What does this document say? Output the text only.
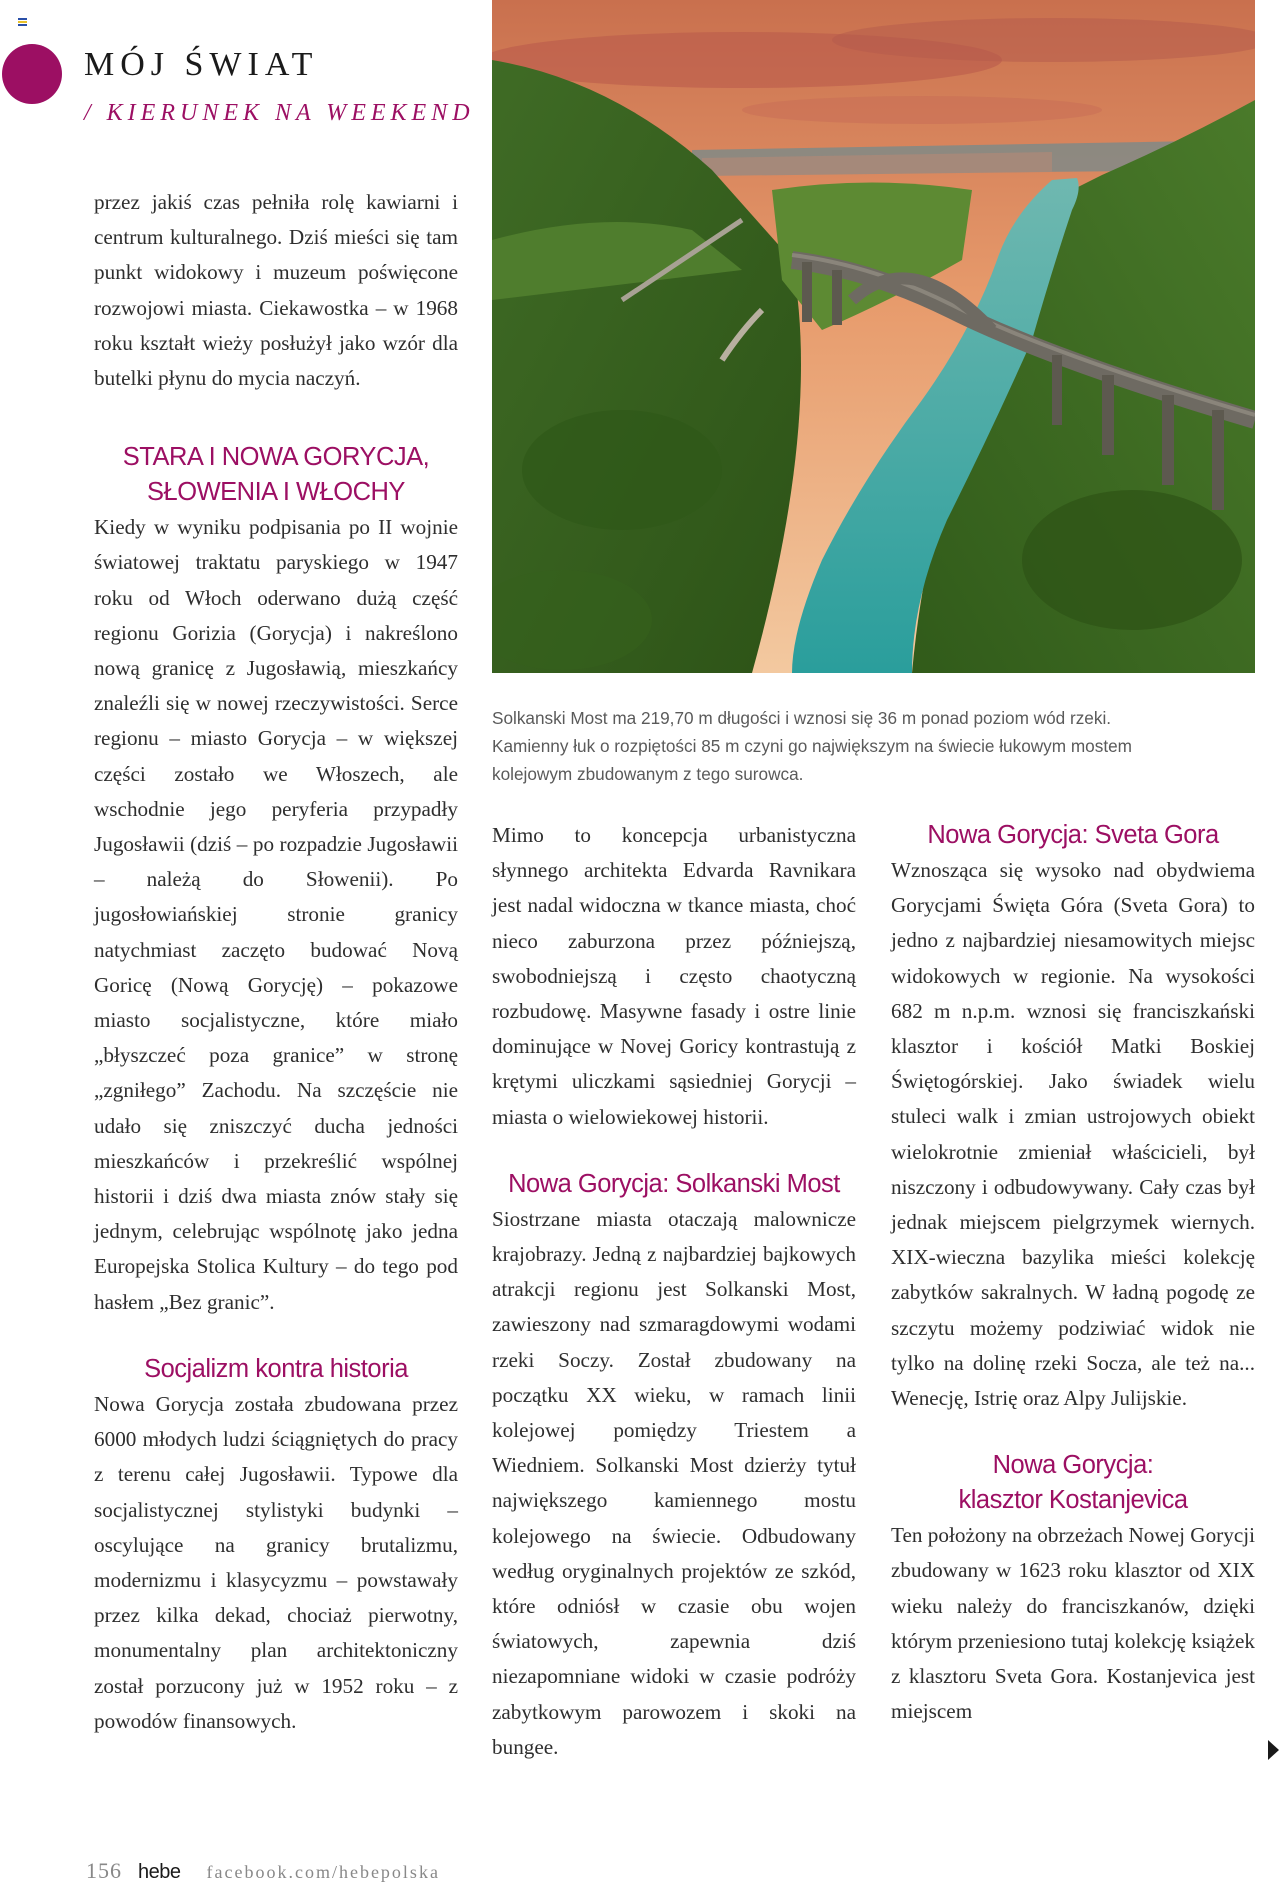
MÓJ ŚWIAT
/ KIERUNEK NA WEEKEND

przez jakiś czas pełniła rolę kawiarni i centrum kulturalnego. Dziś mieści się tam punkt widokowy i muzeum poświęcone rozwojowi miasta. Ciekawostka – w 1968 roku kształt wieży posłużył jako wzór dla butelki płynu do mycia naczyń.

STARA I NOWA GORYCJA,
SŁOWENIA I WŁOCHY

Kiedy w wyniku podpisania po II wojnie światowej traktatu paryskiego w 1947 roku od Włoch oderwano dużą część regionu Gorizia (Gorycja) i nakreślono nową granicę z Jugosławią, mieszkańcy znaleźli się w nowej rzeczywistości. Serce regionu – miasto Gorycja – w większej części zostało we Włoszech, ale wschodnie jego peryferia przypadły Jugosławii (dziś – po rozpadzie Jugosławii – należą do Słowenii). Po jugosłowiańskiej stronie granicy natychmiast zaczęto budować Novą Goricę (Nową Gorycję) – pokazowe miasto socjalistyczne, które miało „błyszczeć poza granice” w stronę „zgniłego” Zachodu. Na szczęście nie udało się zniszczyć ducha jedności mieszkańców i przekreślić wspólnej historii i dziś dwa miasta znów stały się jednym, celebrując wspólnotę jako jedna Europejska Stolica Kultury – do tego pod hasłem „Bez granic”.

Socjalizm kontra historia

Nowa Gorycja została zbudowana przez 6000 młodych ludzi ściągniętych do pracy z terenu całej Jugosławii. Typowe dla socjalistycznej stylistyki budynki – oscylujące na granicy brutalizmu, modernizmu i klasycyzmu – powstawały przez kilka dekad, chociaż pierwotny, monumentalny plan architektoniczny został porzucony już w 1952 roku – z powodów finansowych.

Solkanski Most ma 219,70 m długości i wznosi się 36 m ponad poziom wód rzeki. Kamienny łuk o rozpiętości 85 m czyni go największym na świecie łukowym mostem kolejowym zbudowanym z tego surowca.

Mimo to koncepcja urbanistyczna słynnego architekta Edvarda Ravnikara jest nadal widoczna w tkance miasta, choć nieco zaburzona przez późniejszą, swobodniejszą i często chaotyczną rozbudowę. Masywne fasady i ostre linie dominujące w Novej Goricy kontrastują z krętymi uliczkami sąsiedniej Gorycji – miasta o wielowiekowej historii.

Nowa Gorycja: Solkanski Most

Siostrzane miasta otaczają malownicze krajobrazy. Jedną z najbardziej bajkowych atrakcji regionu jest Solkanski Most, zawieszony nad szmaragdowymi wodami rzeki Soczy. Został zbudowany na początku XX wieku, w ramach linii kolejowej pomiędzy Triestem a Wiedniem. Solkanski Most dzierży tytuł największego kamiennego mostu kolejowego na świecie. Odbudowany według oryginalnych projektów ze szkód, które odniósł w czasie obu wojen światowych, zapewnia dziś niezapomniane widoki w czasie podróży zabytkowym parowozem i skoki na bungee.

Nowa Gorycja: Sveta Gora

Wznosząca się wysoko nad obydwiema Gorycjami Święta Góra (Sveta Gora) to jedno z najbardziej niesamowitych miejsc widokowych w regionie. Na wysokości 682 m n.p.m. wznosi się franciszkański klasztor i kościół Matki Boskiej Świętogórskiej. Jako świadek wielu stuleci walk i zmian ustrojowych obiekt wielokrotnie zmieniał właścicieli, był niszczony i odbudowywany. Cały czas był jednak miejscem pielgrzymek wiernych. XIX-wieczna bazylika mieści kolekcję zabytków sakralnych. W ładną pogodę ze szczytu możemy podziwiać widok nie tylko na dolinę rzeki Socza, ale też na... Wenecję, Istrię oraz Alpy Julijskie.

Nowa Gorycja:
klasztor Kostanjevica

Ten położony na obrzeżach Nowej Gorycji zbudowany w 1623 roku klasztor od XIX wieku należy do franciszkanów, dzięki którym przeniesiono tutaj kolekcję książek z klasztoru Sveta Gora. Kostanjevica jest miejscem

156 hebe facebook.com/hebepolska
